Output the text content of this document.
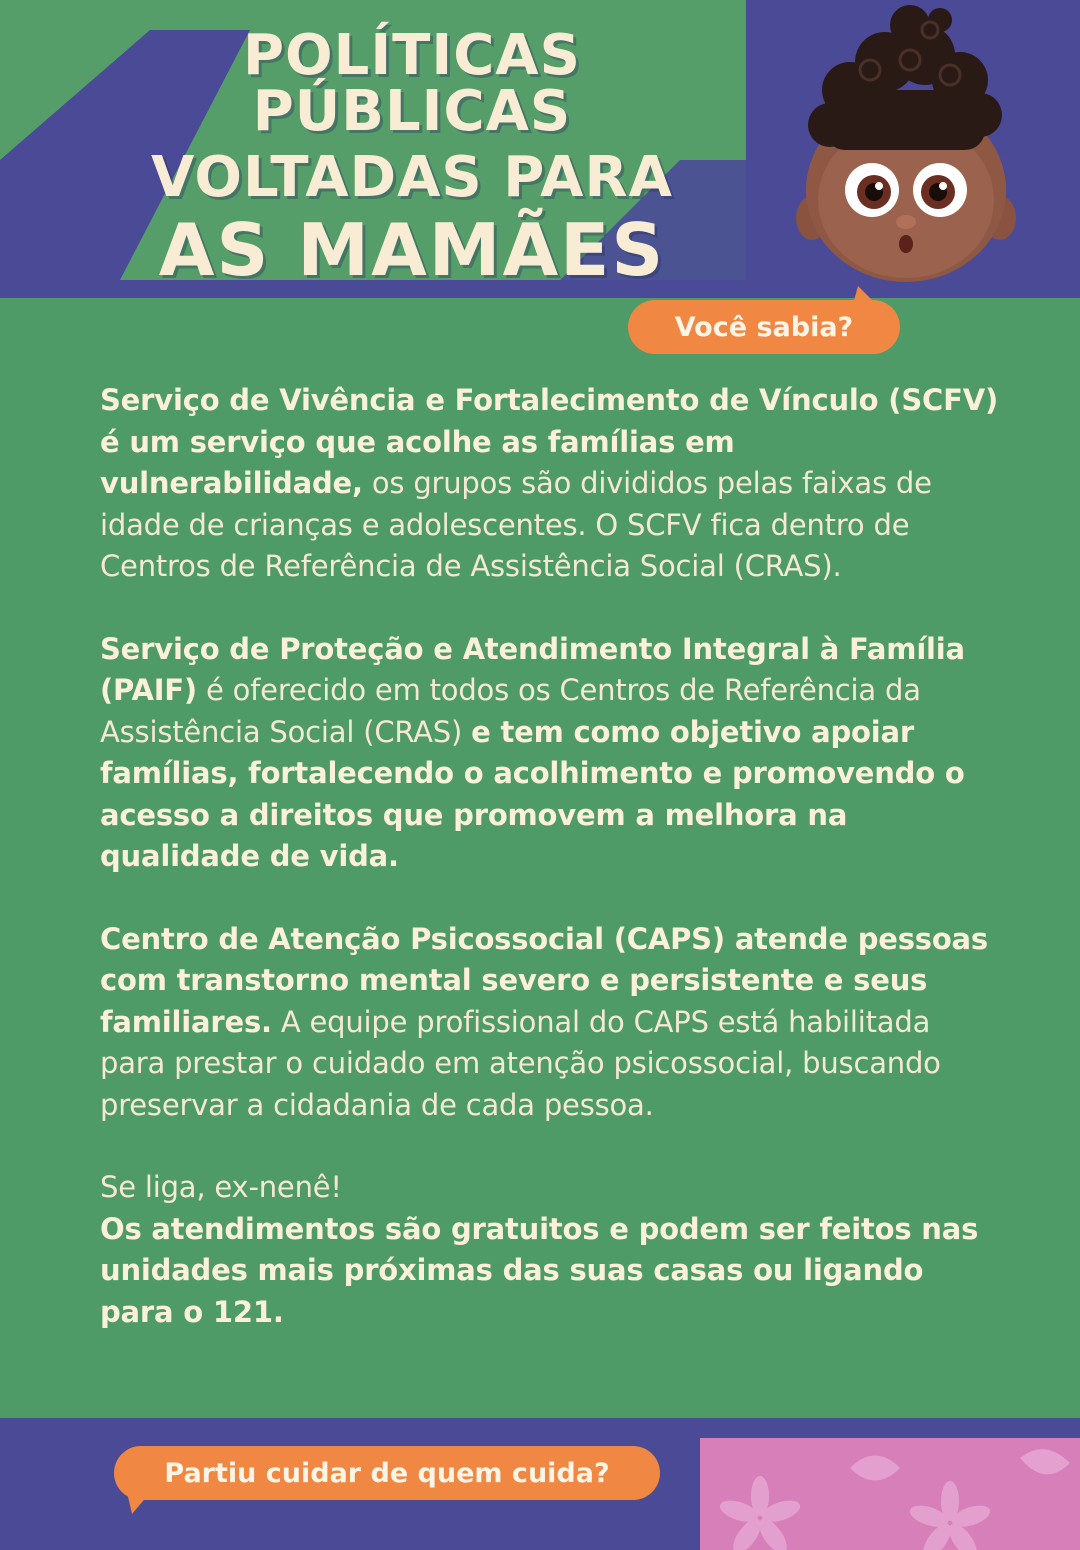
POLÍTICAS PÚBLICAS
VOLTADAS PARA
AS MAMÃES
Você sabia?

Serviço de Vivência e Fortalecimento de Vínculo (SCFV) é um serviço que acolhe as famílias em vulnerabilidade, os grupos são divididos pelas faixas de idade de crianças e adolescentes. O SCFV fica dentro de Centros de Referência de Assistência Social (CRAS).

Serviço de Proteção e Atendimento Integral à Família (PAIF) é oferecido em todos os Centros de Referência da Assistência Social (CRAS) e tem como objetivo apoiar famílias, fortalecendo o acolhimento e promovendo o acesso a direitos que promovem a melhora na qualidade de vida.

Centro de Atenção Psicossocial (CAPS) atende pessoas com transtorno mental severo e persistente e seus familiares. A equipe profissional do CAPS está habilitada para prestar o cuidado em atenção psicossocial, buscando preservar a cidadania de cada pessoa.

Se liga, ex-nenê!
Os atendimentos são gratuitos e podem ser feitos nas unidades mais próximas das suas casas ou ligando para o 121.

Partiu cuidar de quem cuida?
